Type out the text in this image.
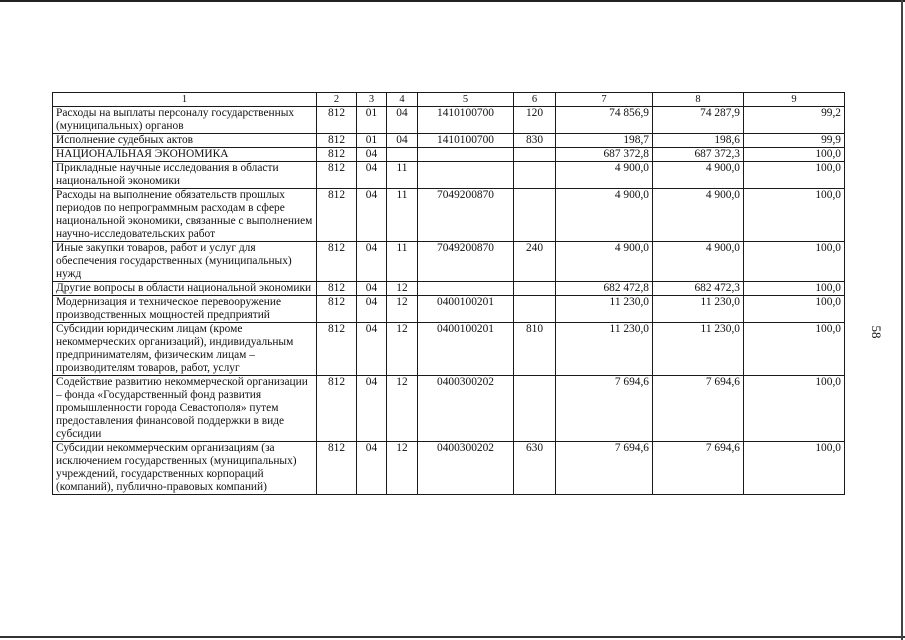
1	2	3	4	5	6	7	8	9
Расходы на выплаты персоналу государственных (муниципальных) органов	812	01	04	1410100700	120	74 856,9	74 287,9	99,2
Исполнение судебных актов	812	01	04	1410100700	830	198,7	198,6	99,9
НАЦИОНАЛЬНАЯ ЭКОНОМИКА	812	04				687 372,8	687 372,3	100,0
Прикладные научные исследования в области национальной экономики	812	04	11			4 900,0	4 900,0	100,0
Расходы на выполнение обязательств прошлых периодов по непрограммным расходам в сфере национальной экономики, связанные с выполнением научно-исследовательских работ	812	04	11	7049200870		4 900,0	4 900,0	100,0
Иные закупки товаров, работ и услуг для обеспечения государственных (муниципальных) нужд	812	04	11	7049200870	240	4 900,0	4 900,0	100,0
Другие вопросы в области национальной экономики	812	04	12			682 472,8	682 472,3	100,0
Модернизация и техническое перевооружение производственных мощностей предприятий	812	04	12	0400100201		11 230,0	11 230,0	100,0
Субсидии юридическим лицам (кроме некоммерческих организаций), индивидуальным предпринимателям, физическим лицам – производителям товаров, работ, услуг	812	04	12	0400100201	810	11 230,0	11 230,0	100,0
Содействие развитию некоммерческой организации – фонда «Государственный фонд развития промышленности города Севастополя» путем предоставления финансовой поддержки в виде субсидии	812	04	12	0400300202		7 694,6	7 694,6	100,0
Субсидии некоммерческим организациям (за исключением государственных (муниципальных) учреждений, государственных корпораций (компаний), публично-правовых компаний)	812	04	12	0400300202	630	7 694,6	7 694,6	100,0
58
